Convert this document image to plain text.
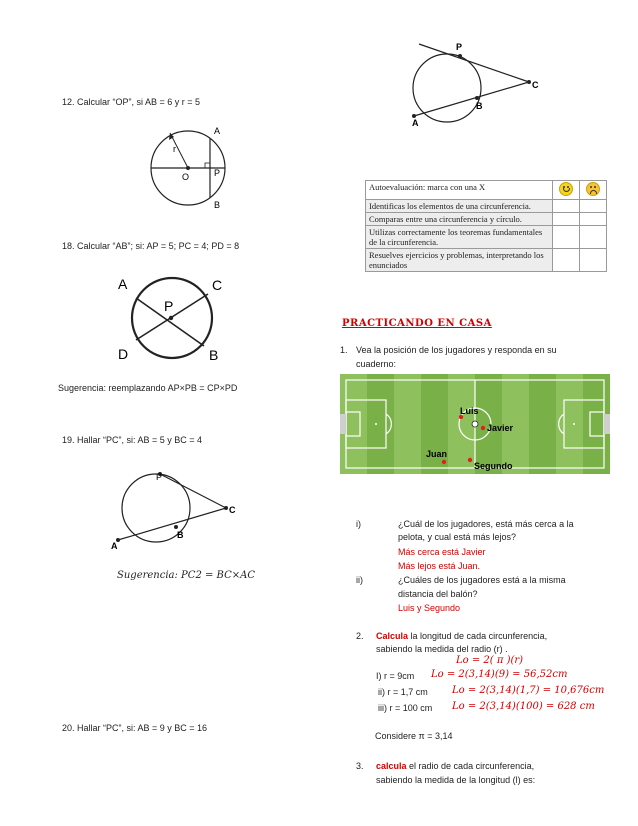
12. Calcular “OP”, si AB = 6 y r = 5
A
B
O	P
r
18. Calcular “AB”; si: AP = 5; PC = 4; PD = 8
A	C
D	B
P
Sugerencia: reemplazando AP×PB = CP×PD
19. Hallar “PC”, si: AB = 5 y BC = 4
P
B
A
C
Sugerencia: PC2 = BC×AC
20. Hallar “PC”, si: AB = 9 y BC = 16
P
B
A
C
Autoevaluación: marca con una X	

Identificas los elementos de una circunferencia.		
Comparas entre una circunferencia y círculo.		
Utilizas correctamente los teoremas fundamentales de la circunferencia.		
Resuelves ejercicios y problemas, interpretando los enunciados		
PRACTICANDO EN CASA
1. Vea la posición de los jugadores y responda en su
cuaderno:
Luis
Javier
Juan
Segundo
i)	¿Cuál de los jugadores, está más cerca a la
pelota, y cual está más lejos?
Más cerca está Javier
Más lejos está Juan.
ii)	¿Cuáles de los jugadores está a la misma
distancia del balón?
Luis y Segundo
2. Calcula la longitud de cada circunferencia,
sabiendo la medida del radio (r) .
Lo = 2( π )(r)
I) r = 9cm Lo = 2(3,14)(9) = 56,52cm
ii) r = 1,7 cm Lo = 2(3,14)(1,7) = 10,676cm
iii) r = 100 cm Lo = 2(3,14)(100) = 628 cm
Considere π = 3,14
3. calcula el radio de cada circunferencia,
sabiendo la medida de la longitud (l) es:
